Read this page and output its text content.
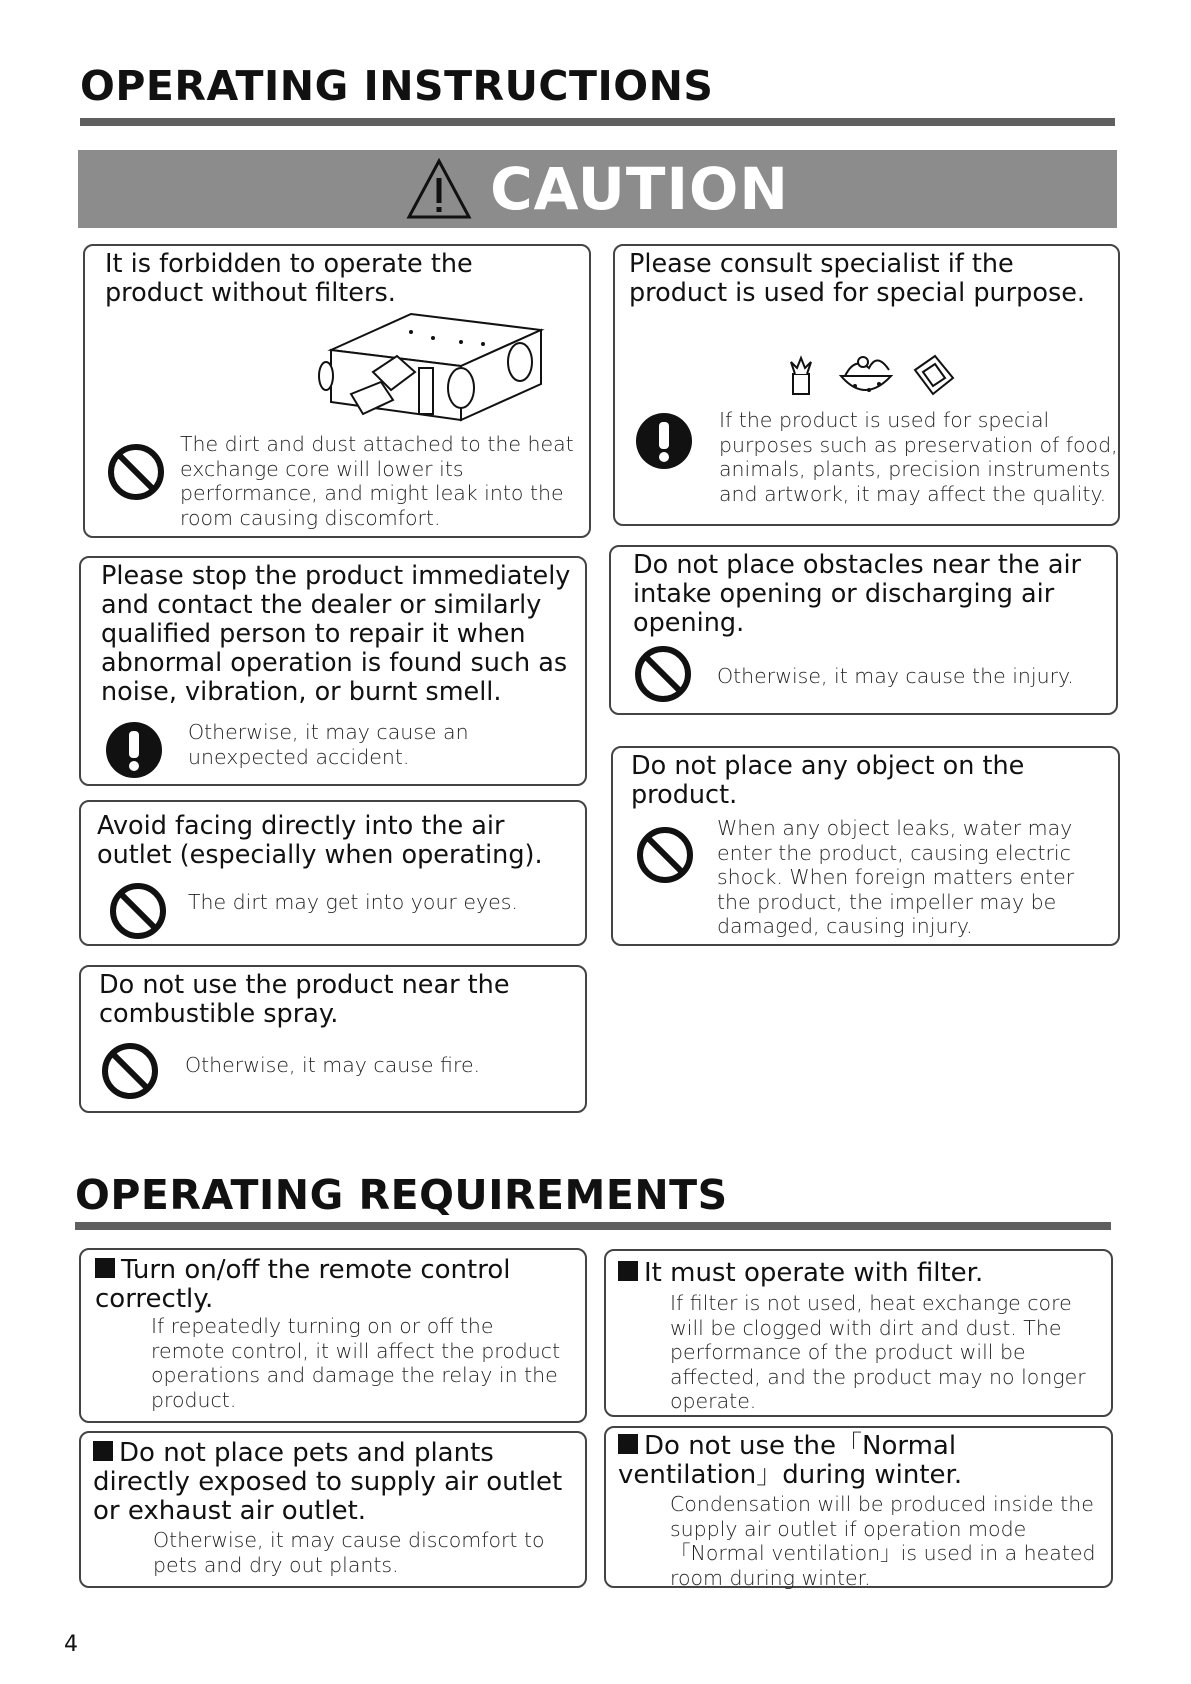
OPERATING INSTRUCTIONS
CAUTION
It is forbidden to operate the product without filters.
The dirt and dust attached to the heat exchange core will lower its performance, and might leak into the room causing discomfort.
Please consult specialist if the product is used for special purpose.
If the product is used for special purposes such as preservation of food, animals, plants, precision instruments and artwork, it may affect the quality.
Please stop the product immediately and contact the dealer or similarly qualified person to repair it when abnormal operation is found such as noise, vibration, or burnt smell.
Otherwise, it may cause an unexpected accident.
Do not place obstacles near the air intake opening or discharging air opening.
Otherwise, it may cause the injury.
Avoid facing directly into the air outlet (especially when operating).
The dirt may get into your eyes.
Do not place any object on the product.
When any object leaks, water may enter the product, causing electric shock. When foreign matters enter the product, the impeller may be damaged, causing injury.
Do not use the product near the combustible spray.
Otherwise, it may cause fire.
OPERATING REQUIREMENTS
Turn on/off the remote control correctly.
If repeatedly turning on or off the remote control, it will affect the product operations and damage the relay in the product.
It must operate with filter.
If filter is not used, heat exchange core will be clogged with dirt and dust. The performance of the product will be affected, and the product may no longer operate.
Do not place pets and plants directly exposed to supply air outlet or exhaust air outlet.
Otherwise, it may cause discomfort to pets and dry out plants.
Do not use the「Normal ventilation」during winter.
Condensation will be produced inside the supply air outlet if operation mode「Normal ventilation」is used in a heated room during winter.
4
